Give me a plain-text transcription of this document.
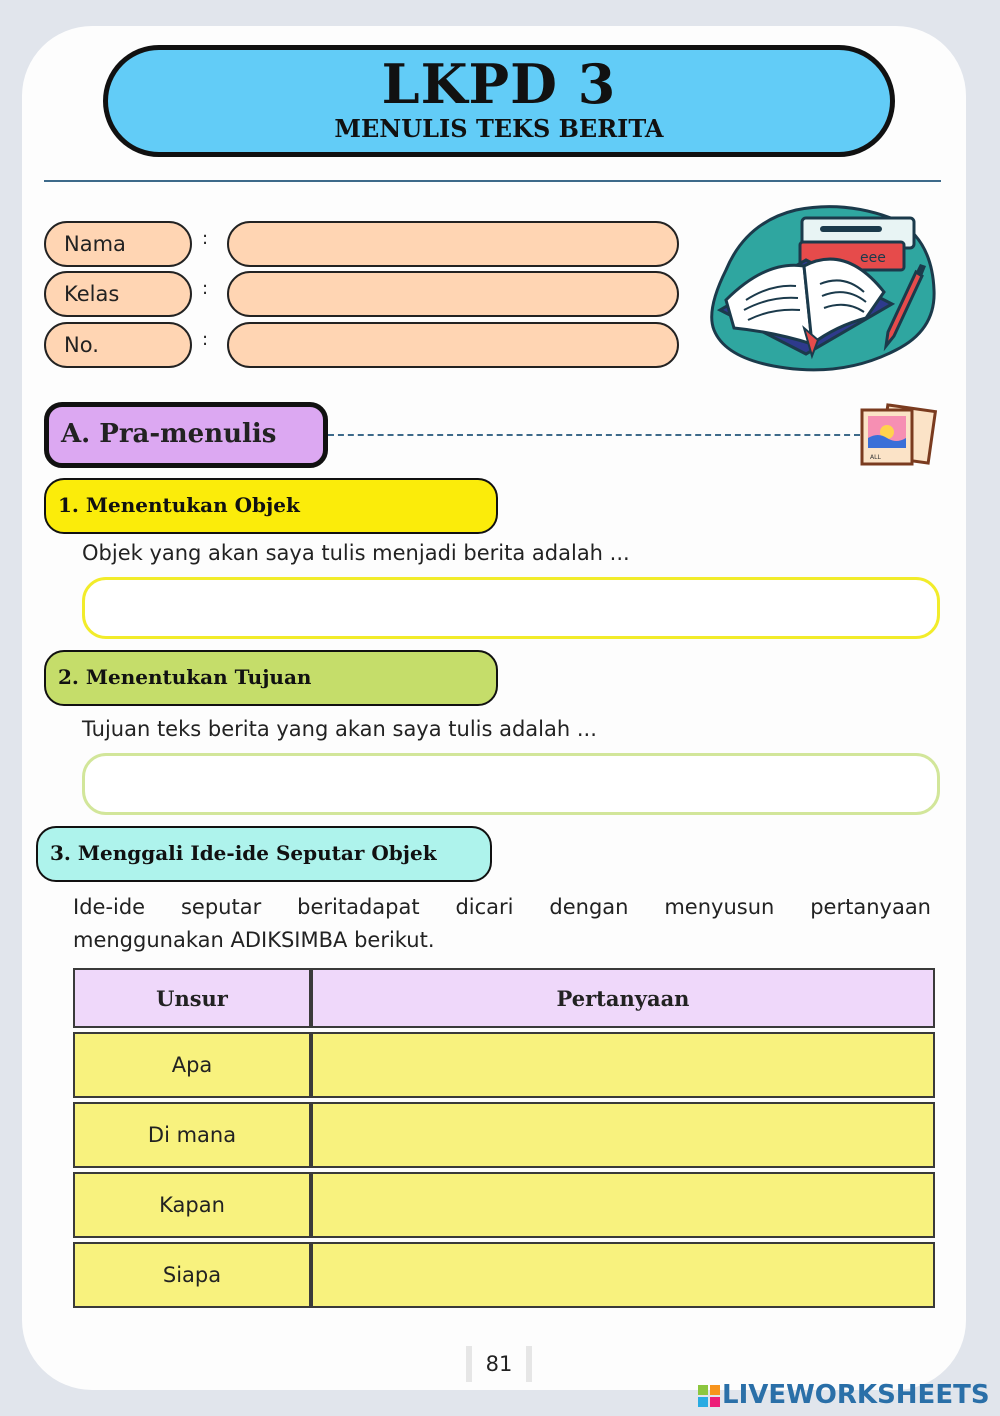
LKPD 3
MENULIS TEKS BERITA
Nama	:
Kelas	:
No.	:
eee
A. Pra-menulis
ALL
1. Menentukan Objek
Objek yang akan saya tulis menjadi berita adalah ...
2. Menentukan Tujuan
Tujuan teks berita yang akan saya tulis adalah ...
3. Menggali Ide-ide Seputar Objek
Ide-ide seputar beritadapat dicari dengan menyusun pertanyaan
menggunakan ADIKSIMBA berikut.
Unsur	Pertanyaan
Apa	
Di mana	
Kapan	
Siapa	
81
LIVEWORKSHEETS
